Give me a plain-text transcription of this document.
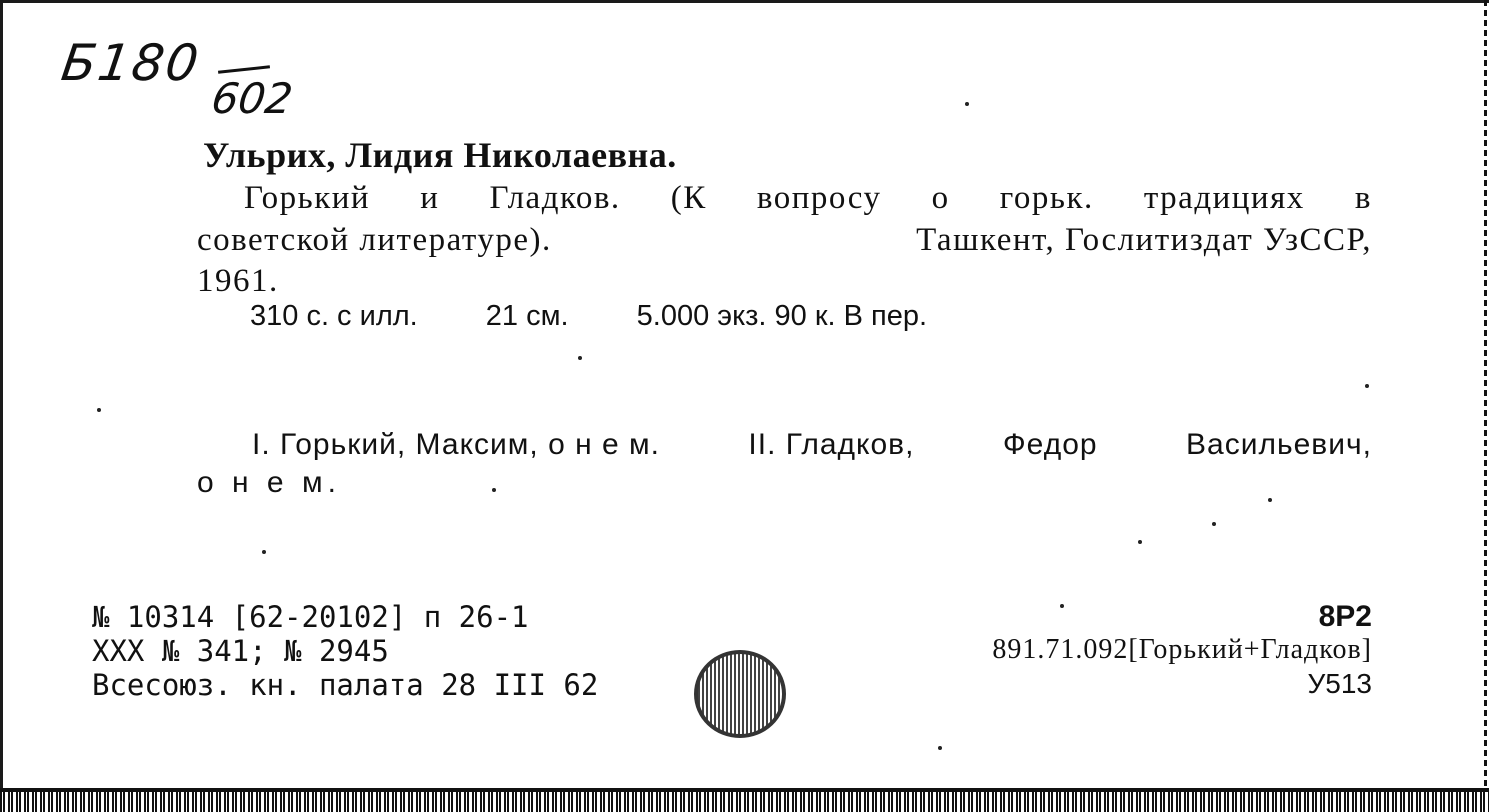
Б180
602
Ульрих, Лидия Николаевна.
Горький и Гладков. (К вопросу о горьк. традициях в
советской литературе).	Ташкент, Гослитиздат УзССР,
1961.
310 с. с илл. 21 см. 5.000 экз. 90 к. В пер.
I. Горький, Максим, о н е м.	II. Гладков,	Федор	Васильевич,
о н е м.
№ 10314 [62-20102] п 26-1
XXX № 341; № 2945
Всесоюз. кн. палата 28 III 62
8Р2
891.71.092[Горький+Гладков]
У513
